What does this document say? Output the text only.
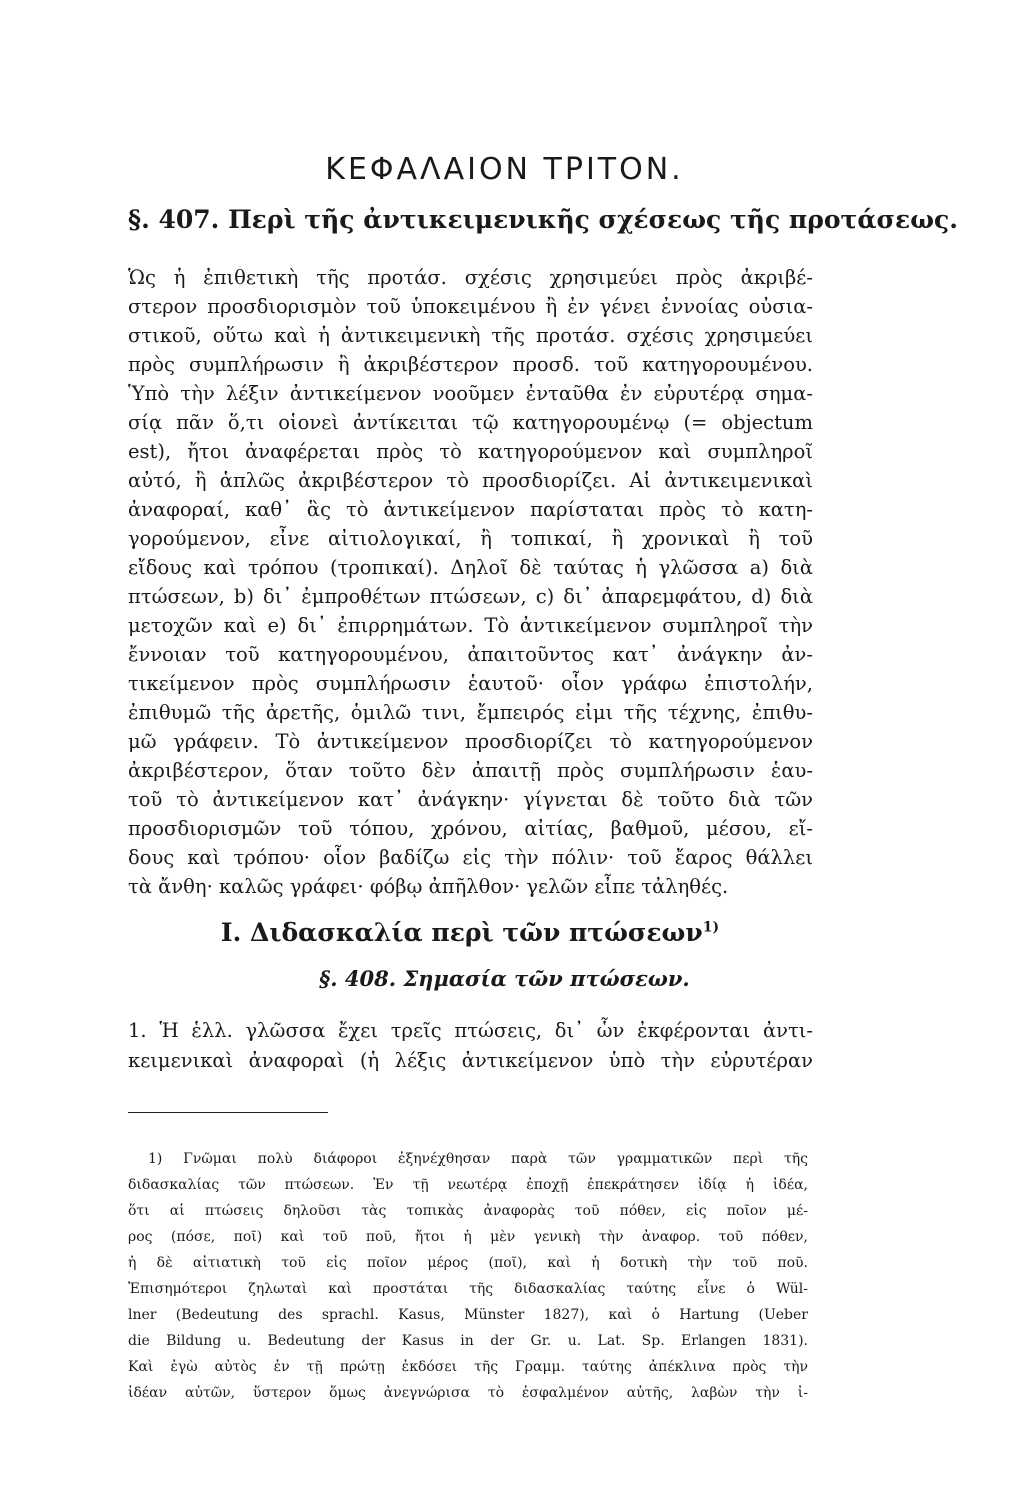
ΚΕΦΑΛΑΙΟΝ ΤΡΙΤΟΝ.
§. 407. Περὶ τῆς ἀντικειμενικῆς σχέσεως τῆς προτάσεως.

Ὡς ἡ ἐπιθετικὴ τῆς προτάσ. σχέσις χρησιμεύει πρὸς ἀκριβέ-

στερον προσδιορισμὸν τοῦ ὑποκειμένου ἢ ἐν γένει ἐννοίας οὐσια-

στικοῦ, οὕτω καὶ ἡ ἀντικειμενικὴ τῆς προτάσ. σχέσις χρησιμεύει

πρὸς συμπλήρωσιν ἢ ἀκριβέστερον προσδ. τοῦ κατηγορουμένου.

Ὑπὸ τὴν λέξιν ἀντικείμενον νοοῦμεν ἐνταῦθα ἐν εὐρυτέρᾳ σημα-

σίᾳ πᾶν ὅ,τι οἱονεὶ ἀντίκειται τῷ κατηγορουμένῳ (= objectum

est), ἤτοι ἀναφέρεται πρὸς τὸ κατηγορούμενον καὶ συμπληροῖ

αὐτό, ἢ ἁπλῶς ἀκριβέστερον τὸ προσδιορίζει. Αἱ ἀντικειμενικαὶ

ἀναφοραί, καθ᾽ ἃς τὸ ἀντικείμενον παρίσταται πρὸς τὸ κατη-

γορούμενον, εἶνε αἰτιολογικαί, ἢ τοπικαί, ἢ χρονικαὶ ἢ τοῦ

εἴδους καὶ τρόπου (τροπικαί). Δηλοῖ δὲ ταύτας ἡ γλῶσσα a) διὰ

πτώσεων, b) δι᾽ ἐμπροθέτων πτώσεων, c) δι᾽ ἀπαρεμφάτου, d) διὰ

μετοχῶν καὶ e) δι᾽ ἐπιρρημάτων. Τὸ ἀντικείμενον συμπληροῖ τὴν

ἔννοιαν τοῦ κατηγορουμένου, ἀπαιτοῦντος κατ᾽ ἀνάγκην ἀν-

τικείμενον πρὸς συμπλήρωσιν ἑαυτοῦ· οἷον γράφω ἐπιστολήν,

ἐπιθυμῶ τῆς ἀρετῆς, ὁμιλῶ τινι, ἔμπειρός εἰμι τῆς τέχνης, ἐπιθυ-

μῶ γράφειν. Τὸ ἀντικείμενον προσδιορίζει τὸ κατηγορούμενον

ἀκριβέστερον, ὅταν τοῦτο δὲν ἀπαιτῇ πρὸς συμπλήρωσιν ἑαυ-

τοῦ τὸ ἀντικείμενον κατ᾽ ἀνάγκην· γίγνεται δὲ τοῦτο διὰ τῶν

προσδιορισμῶν τοῦ τόπου, χρόνου, αἰτίας, βαθμοῦ, μέσου, εἴ-

δους καὶ τρόπου· οἷον βαδίζω εἰς τὴν πόλιν· τοῦ ἔαρος θάλλει

τὰ ἄνθη· καλῶς γράφει· φόβῳ ἀπῆλθον· γελῶν εἶπε τἀληθές.

I. Διδασκαλία περὶ τῶν πτώσεων$^{1)}$
§. 408. Σημασία τῶν πτώσεων.

1. Ἡ ἑλλ. γλῶσσα ἔχει τρεῖς πτώσεις, δι᾽ ὧν ἐκφέρονται ἀντι-

κειμενικαὶ ἀναφοραὶ (ἡ λέξις ἀντικείμενον ὑπὸ τὴν εὐρυτέραν

1) Γνῶμαι πολὺ διάφοροι ἐξηνέχθησαν παρὰ τῶν γραμματικῶν περὶ τῆς

διδασκαλίας τῶν πτώσεων. Ἐν τῇ νεωτέρᾳ ἐποχῇ ἐπεκράτησεν ἰδίᾳ ἡ ἰδέα,

ὅτι αἱ πτώσεις δηλοῦσι τὰς τοπικὰς ἀναφορὰς τοῦ πόθεν, εἰς ποῖον μέ-

ρος (πόσε, ποῖ) καὶ τοῦ ποῦ, ἤτοι ἡ μὲν γενικὴ τὴν ἀναφορ. τοῦ πόθεν,

ἡ δὲ αἰτιατικὴ τοῦ εἰς ποῖον μέρος (ποῖ), καὶ ἡ δοτικὴ τὴν τοῦ ποῦ.

Ἐπισημότεροι ζηλωταὶ καὶ προστάται τῆς διδασκαλίας ταύτης εἶνε ὁ Wül-

lner (Bedeutung des sprachl. Kasus, Münster 1827), καὶ ὁ Hartung (Ueber

die Bildung u. Bedeutung der Kasus in der Gr. u. Lat. Sp. Erlangen 1831).

Καὶ ἐγὼ αὐτὸς ἐν τῇ πρώτῃ ἐκδόσει τῆς Γραμμ. ταύτης ἀπέκλινα πρὸς τὴν

ἰδέαν αὐτῶν, ὕστερον ὅμως ἀνεγνώρισα τὸ ἐσφαλμένον αὐτῆς, λαβὼν τὴν ἰ-
